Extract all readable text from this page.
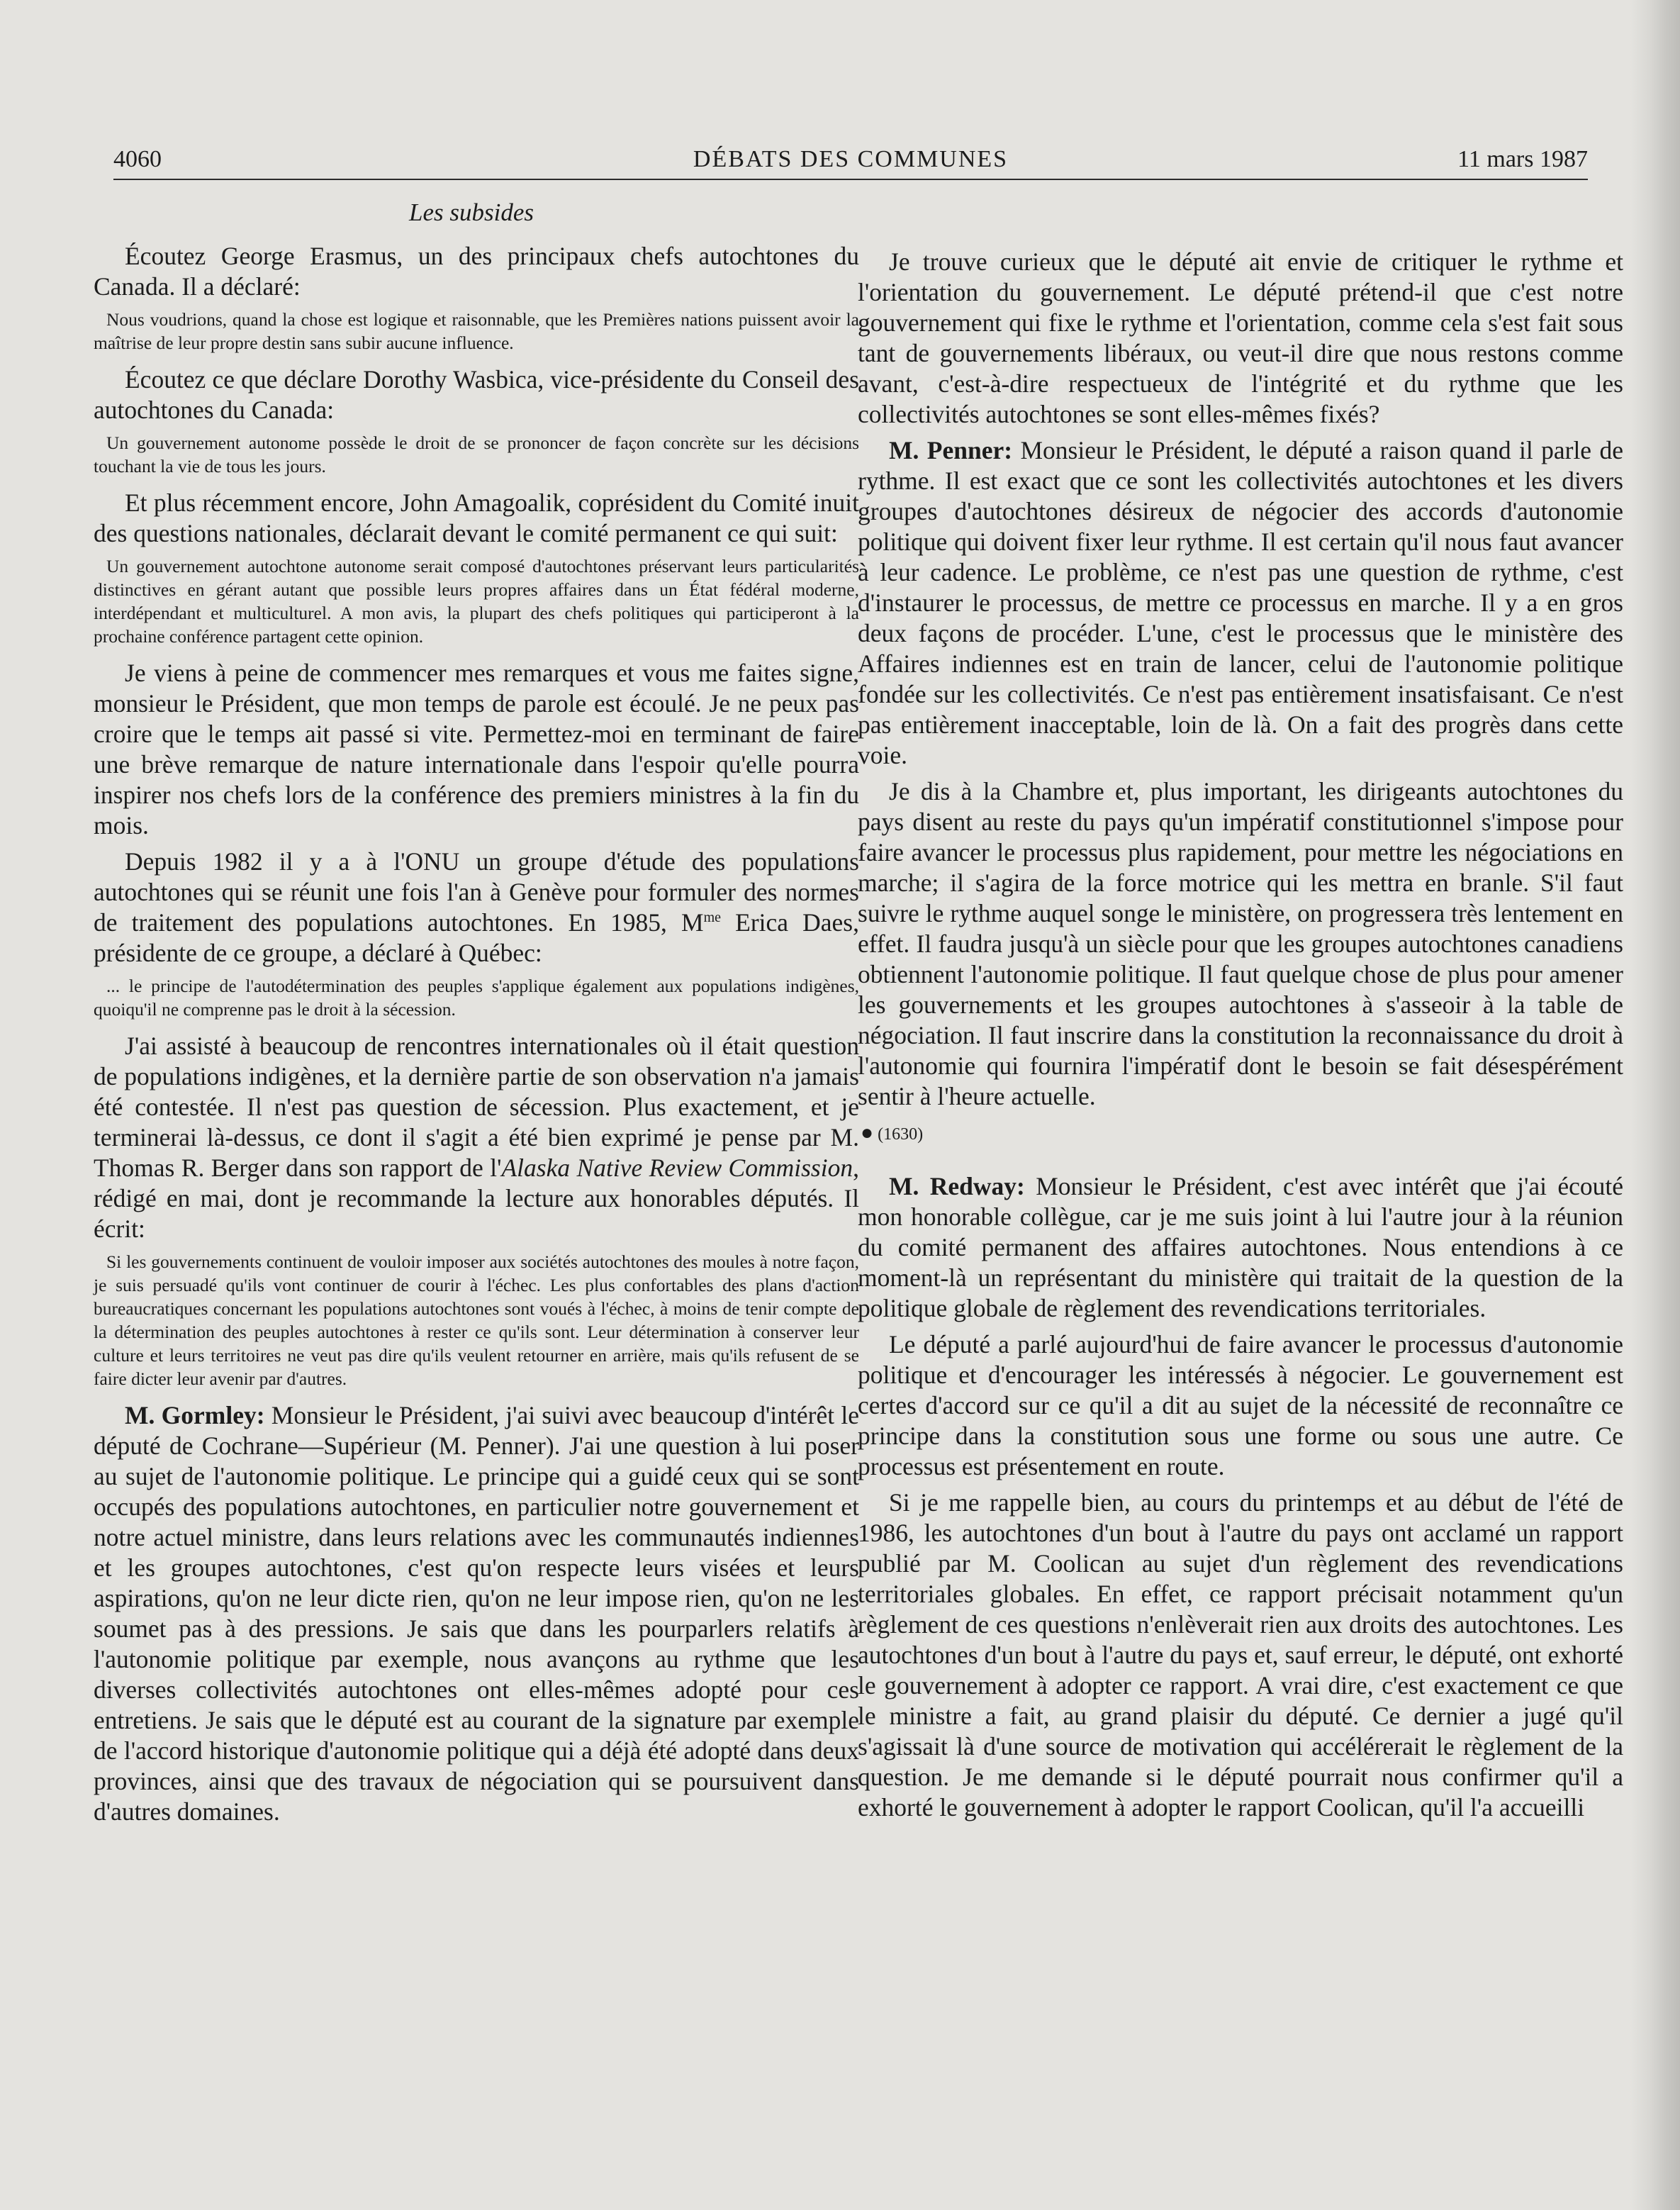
4060	DÉBATS DES COMMUNES	11 mars 1987
Les subsides

Écoutez George Erasmus, un des principaux chefs autochtones du Canada. Il a déclaré:

Nous voudrions, quand la chose est logique et raisonnable, que les Premières nations puissent avoir la maîtrise de leur propre destin sans subir aucune influence.

Écoutez ce que déclare Dorothy Wasbica, vice-présidente du Conseil des autochtones du Canada:

Un gouvernement autonome possède le droit de se prononcer de façon concrète sur les décisions touchant la vie de tous les jours.

Et plus récemment encore, John Amagoalik, coprésident du Comité inuit des questions nationales, déclarait devant le comité permanent ce qui suit:

Un gouvernement autochtone autonome serait composé d'autochtones préservant leurs particularités distinctives en gérant autant que possible leurs propres affaires dans un État fédéral moderne, interdépendant et multiculturel. A mon avis, la plupart des chefs politiques qui participeront à la prochaine conférence partagent cette opinion.

Je viens à peine de commencer mes remarques et vous me faites signe, monsieur le Président, que mon temps de parole est écoulé. Je ne peux pas croire que le temps ait passé si vite. Permettez-moi en terminant de faire une brève remarque de nature internationale dans l'espoir qu'elle pourra inspirer nos chefs lors de la conférence des premiers ministres à la fin du mois.

Depuis 1982 il y a à l'ONU un groupe d'étude des populations autochtones qui se réunit une fois l'an à Genève pour formuler des normes de traitement des populations autochtones. En 1985, $M^{me}$ Erica Daes, présidente de ce groupe, a déclaré à Québec:

... le principe de l'autodétermination des peuples s'applique également aux populations indigènes, quoiqu'il ne comprenne pas le droit à la sécession.

J'ai assisté à beaucoup de rencontres internationales où il était question de populations indigènes, et la dernière partie de son observation n'a jamais été contestée. Il n'est pas question de sécession. Plus exactement, et je terminerai là-dessus, ce dont il s'agit a été bien exprimé je pense par M. Thomas R. Berger dans son rapport de l'Alaska Native Review Commission, rédigé en mai, dont je recommande la lecture aux honorables députés. Il écrit:

Si les gouvernements continuent de vouloir imposer aux sociétés autochtones des moules à notre façon, je suis persuadé qu'ils vont continuer de courir à l'échec. Les plus confortables des plans d'action bureaucratiques concernant les populations autochtones sont voués à l'échec, à moins de tenir compte de la détermination des peuples autochtones à rester ce qu'ils sont. Leur détermination à conserver leur culture et leurs territoires ne veut pas dire qu'ils veulent retourner en arrière, mais qu'ils refusent de se faire dicter leur avenir par d'autres.

M. Gormley: Monsieur le Président, j'ai suivi avec beaucoup d'intérêt le député de Cochrane—Supérieur (M. Penner). J'ai une question à lui poser au sujet de l'autonomie politique. Le principe qui a guidé ceux qui se sont occupés des populations autochtones, en particulier notre gouvernement et notre actuel ministre, dans leurs relations avec les communautés indiennes et les groupes autochtones, c'est qu'on respecte leurs visées et leurs aspirations, qu'on ne leur dicte rien, qu'on ne leur impose rien, qu'on ne les soumet pas à des pressions. Je sais que dans les pourparlers relatifs à l'autonomie politique par exemple, nous avançons au rythme que les diverses collectivités autochtones ont elles-mêmes adopté pour ces entretiens. Je sais que le député est au courant de la signature par exemple de l'accord historique d'autonomie politique qui a déjà été adopté dans deux provinces, ainsi que des travaux de négociation qui se poursuivent dans d'autres domaines.

Je trouve curieux que le député ait envie de critiquer le rythme et l'orientation du gouvernement. Le député prétend-il que c'est notre gouvernement qui fixe le rythme et l'orientation, comme cela s'est fait sous tant de gouvernements libéraux, ou veut-il dire que nous restons comme avant, c'est-à-dire respectueux de l'intégrité et du rythme que les collectivités autochtones se sont elles-mêmes fixés?

M. Penner: Monsieur le Président, le député a raison quand il parle de rythme. Il est exact que ce sont les collectivités autochtones et les divers groupes d'autochtones désireux de négocier des accords d'autonomie politique qui doivent fixer leur rythme. Il est certain qu'il nous faut avancer à leur cadence. Le problème, ce n'est pas une question de rythme, c'est d'instaurer le processus, de mettre ce processus en marche. Il y a en gros deux façons de procéder. L'une, c'est le processus que le ministère des Affaires indiennes est en train de lancer, celui de l'autonomie politique fondée sur les collectivités. Ce n'est pas entièrement insatisfaisant. Ce n'est pas entièrement inacceptable, loin de là. On a fait des progrès dans cette voie.

Je dis à la Chambre et, plus important, les dirigeants autochtones du pays disent au reste du pays qu'un impératif constitutionnel s'impose pour faire avancer le processus plus rapidement, pour mettre les négociations en marche; il s'agira de la force motrice qui les mettra en branle. S'il faut suivre le rythme auquel songe le ministère, on progressera très lentement en effet. Il faudra jusqu'à un siècle pour que les groupes autochtones canadiens obtiennent l'autonomie politique. Il faut quelque chose de plus pour amener les gouvernements et les groupes autochtones à s'asseoir à la table de négociation. Il faut inscrire dans la constitution la reconnaissance du droit à l'autonomie qui fournira l'impératif dont le besoin se fait désespérément sentir à l'heure actuelle.

● (1630)

M. Redway: Monsieur le Président, c'est avec intérêt que j'ai écouté mon honorable collègue, car je me suis joint à lui l'autre jour à la réunion du comité permanent des affaires autochtones. Nous entendions à ce moment-là un représentant du ministère qui traitait de la question de la politique globale de règlement des revendications territoriales.

Le député a parlé aujourd'hui de faire avancer le processus d'autonomie politique et d'encourager les intéressés à négocier. Le gouvernement est certes d'accord sur ce qu'il a dit au sujet de la nécessité de reconnaître ce principe dans la constitution sous une forme ou sous une autre. Ce processus est présentement en route.

Si je me rappelle bien, au cours du printemps et au début de l'été de 1986, les autochtones d'un bout à l'autre du pays ont acclamé un rapport publié par M. Coolican au sujet d'un règlement des revendications territoriales globales. En effet, ce rapport précisait notamment qu'un règlement de ces questions n'enlèverait rien aux droits des autochtones. Les autochtones d'un bout à l'autre du pays et, sauf erreur, le député, ont exhorté le gouvernement à adopter ce rapport. A vrai dire, c'est exactement ce que le ministre a fait, au grand plaisir du député. Ce dernier a jugé qu'il s'agissait là d'une source de motivation qui accélérerait le règlement de la question. Je me demande si le député pourrait nous confirmer qu'il a exhorté le gouvernement à adopter le rapport Coolican, qu'il l'a accueilli
